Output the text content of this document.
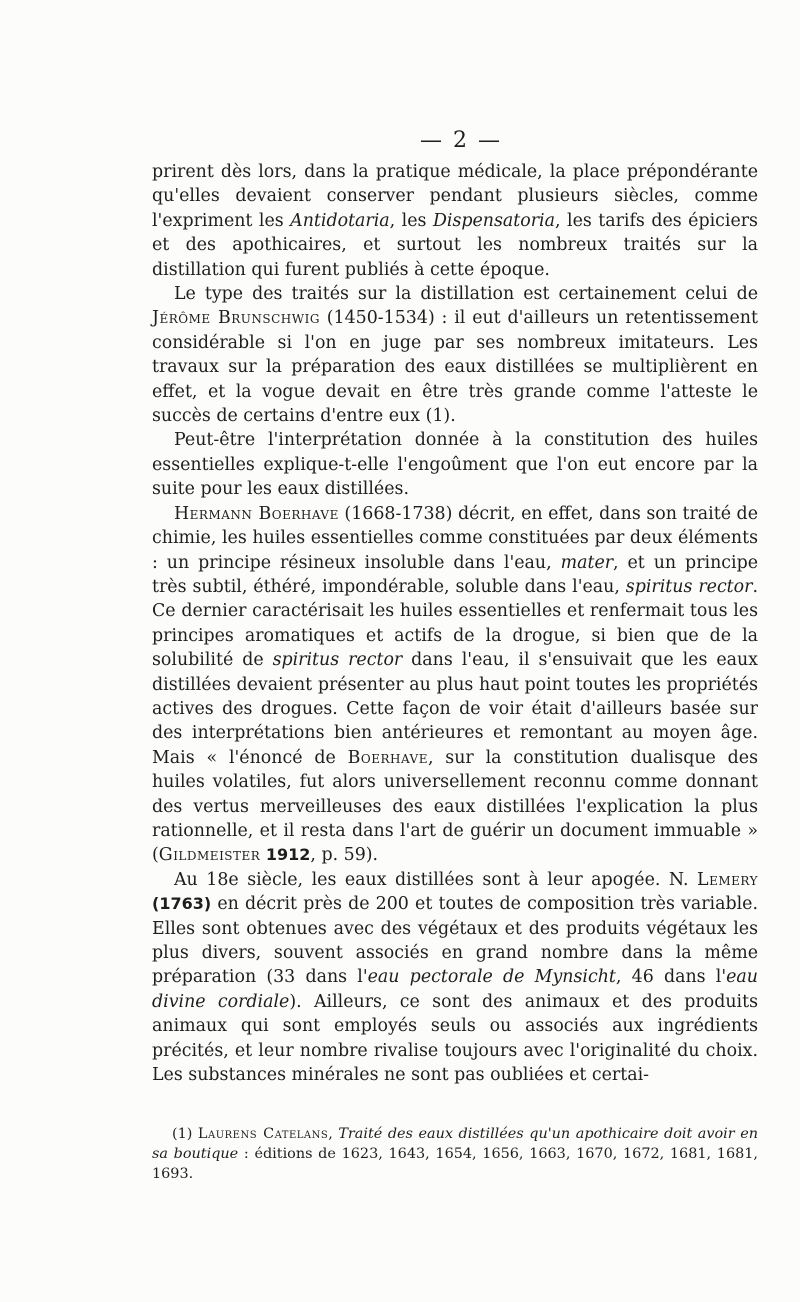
— 2 —

prirent dès lors, dans la pratique médicale, la place prépondérante qu'elles devaient conserver pendant plusieurs siècles, comme l'expriment les Antidotaria, les Dispensatoria, les tarifs des épiciers et des apothicaires, et surtout les nombreux traités sur la distillation qui furent publiés à cette époque.

Le type des traités sur la distillation est certainement celui de Jérôme Brunschwig (1450-1534) : il eut d'ailleurs un retentissement considérable si l'on en juge par ses nombreux imitateurs. Les travaux sur la préparation des eaux distillées se multiplièrent en effet, et la vogue devait en être très grande comme l'atteste le succès de certains d'entre eux (1).

Peut-être l'interprétation donnée à la constitution des huiles essentielles explique-t-elle l'engoûment que l'on eut encore par la suite pour les eaux distillées.

Hermann Boerhave (1668-1738) décrit, en effet, dans son traité de chimie, les huiles essentielles comme constituées par deux éléments : un principe résineux insoluble dans l'eau, mater, et un principe très subtil, éthéré, impondérable, soluble dans l'eau, spiritus rector. Ce dernier caractérisait les huiles essentielles et renfermait tous les principes aromatiques et actifs de la drogue, si bien que de la solubilité de spiritus rector dans l'eau, il s'ensuivait que les eaux distillées devaient présenter au plus haut point toutes les propriétés actives des drogues. Cette façon de voir était d'ailleurs basée sur des interprétations bien antérieures et remontant au moyen âge. Mais « l'énoncé de Boerhave, sur la constitution dualisque des huiles volatiles, fut alors universellement reconnu comme donnant des vertus merveilleuses des eaux distillées l'explication la plus rationnelle, et il resta dans l'art de guérir un document immuable » (Gildmeister 1912, p. 59).

Au 18e siècle, les eaux distillées sont à leur apogée. N. Lemery (1763) en décrit près de 200 et toutes de composition très variable. Elles sont obtenues avec des végétaux et des produits végétaux les plus divers, souvent associés en grand nombre dans la même préparation (33 dans l'eau pectorale de Mynsicht, 46 dans l'eau divine cordiale). Ailleurs, ce sont des animaux et des produits animaux qui sont employés seuls ou associés aux ingrédients précités, et leur nombre rivalise toujours avec l'originalité du choix. Les substances minérales ne sont pas oubliées et certai-

(1) Laurens Catelans, Traité des eaux distillées qu'un apothicaire doit avoir en sa boutique : éditions de 1623, 1643, 1654, 1656, 1663, 1670, 1672, 1681, 1681, 1693.
